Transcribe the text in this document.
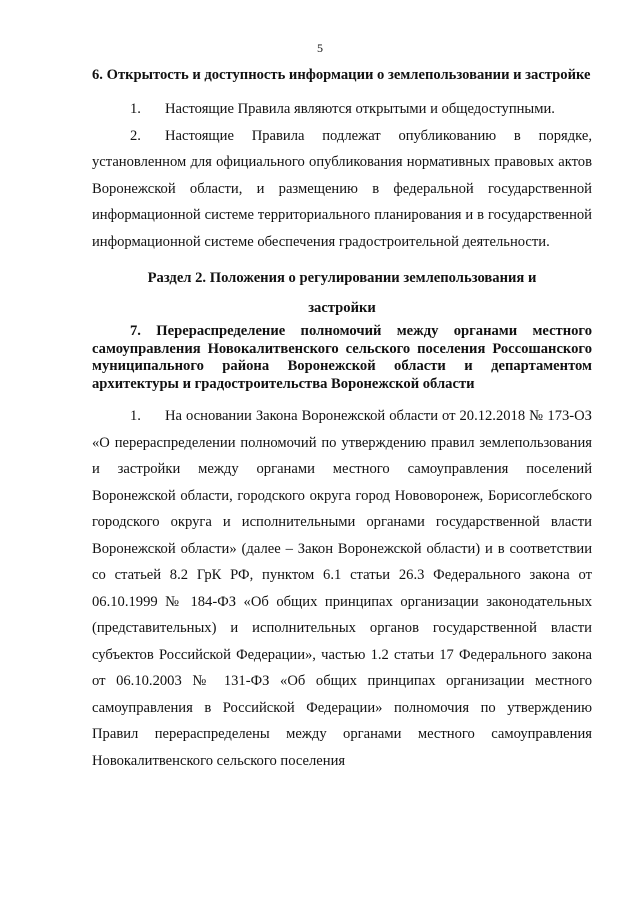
5

6. Открытость и доступность информации о землепользовании и застройке

1. Настоящие Правила являются открытыми и общедоступными.

2. Настоящие Правила подлежат опубликованию в порядке, установленном для официального опубликования нормативных правовых актов Воронежской области, и размещению в федеральной государственной информационной системе территориального планирования и в государственной информационной системе обеспечения градостроительной деятельности.

Раздел 2. Положения о регулировании землепользования и

застройки

7. Перераспределение полномочий между органами местного самоуправления Новокалитвенского сельского поселения Россошанского муниципального района Воронежской области и департаментом архитектуры и градостроительства Воронежской области

1. На основании Закона Воронежской области от 20.12.2018 № 173-ОЗ «О перераспределении полномочий по утверждению правил землепользования и застройки между органами местного самоуправления поселений Воронежской области, городского округа город Нововоронеж, Борисоглебского городского округа и исполнительными органами государственной власти Воронежской области» (далее – Закон Воронежской области) и в соответствии со статьей 8.2 ГрК РФ, пунктом 6.1 статьи 26.3 Федерального закона от 06.10.1999 № 184-ФЗ «Об общих принципах организации законодательных (представительных) и исполнительных органов государственной власти субъектов Российской Федерации», частью 1.2 статьи 17 Федерального закона от 06.10.2003 № 131-ФЗ «Об общих принципах организации местного самоуправления в Российской Федерации» полномочия по утверждению Правил перераспределены между органами местного самоуправления Новокалитвенского сельского поселения
